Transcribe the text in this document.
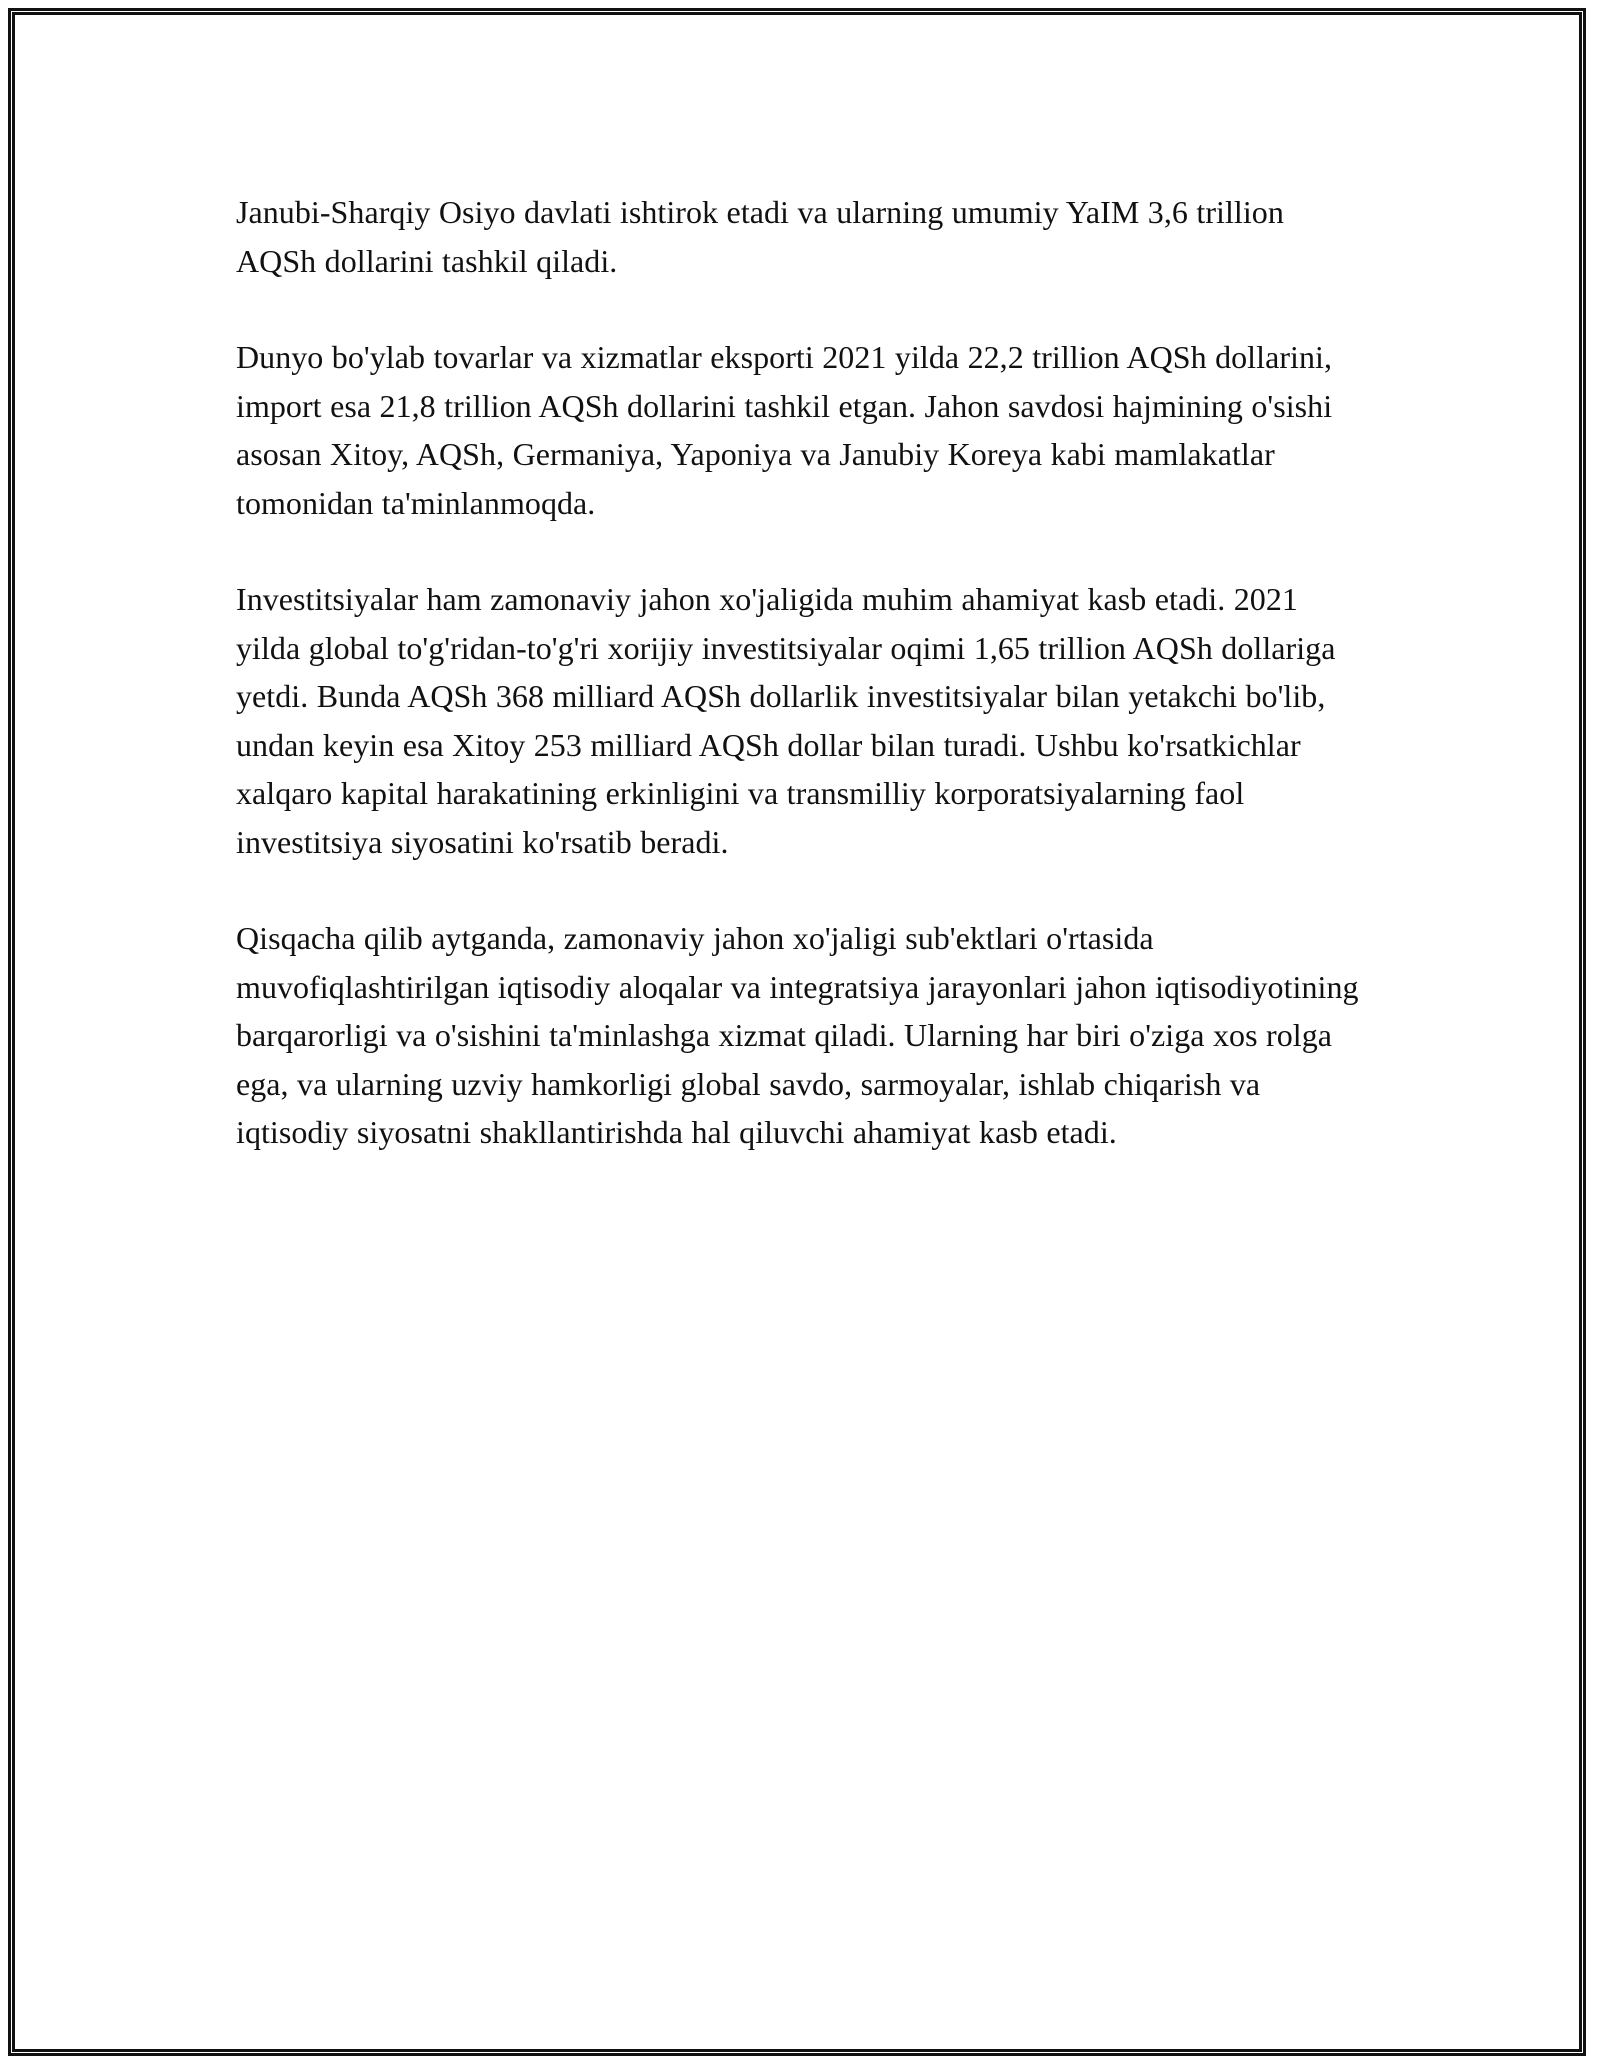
Janubi-Sharqiy Osiyo davlati ishtirok etadi va ularning umumiy YaIM 3,6 trillion AQSh dollarini tashkil qiladi.

Dunyo bo'ylab tovarlar va xizmatlar eksporti 2021 yilda 22,2 trillion AQSh dollarini, import esa 21,8 trillion AQSh dollarini tashkil etgan. Jahon savdosi hajmining o'sishi asosan Xitoy, AQSh, Germaniya, Yaponiya va Janubiy Koreya kabi mamlakatlar tomonidan ta'minlanmoqda.

Investitsiyalar ham zamonaviy jahon xo'jaligida muhim ahamiyat kasb etadi. 2021 yilda global to'g'ridan-to'g'ri xorijiy investitsiyalar oqimi 1,65 trillion AQSh dollariga yetdi. Bunda AQSh 368 milliard AQSh dollarlik investitsiyalar bilan yetakchi bo'lib, undan keyin esa Xitoy 253 milliard AQSh dollar bilan turadi. Ushbu ko'rsatkichlar xalqaro kapital harakatining erkinligini va transmilliy korporatsiyalarning faol investitsiya siyosatini ko'rsatib beradi.

Qisqacha qilib aytganda, zamonaviy jahon xo'jaligi sub'ektlari o'rtasida muvofiqlashtirilgan iqtisodiy aloqalar va integratsiya jarayonlari jahon iqtisodiyotining barqarorligi va o'sishini ta'minlashga xizmat qiladi. Ularning har biri o'ziga xos rolga ega, va ularning uzviy hamkorligi global savdo, sarmoyalar, ishlab chiqarish va iqtisodiy siyosatni shakllantirishda hal qiluvchi ahamiyat kasb etadi.
